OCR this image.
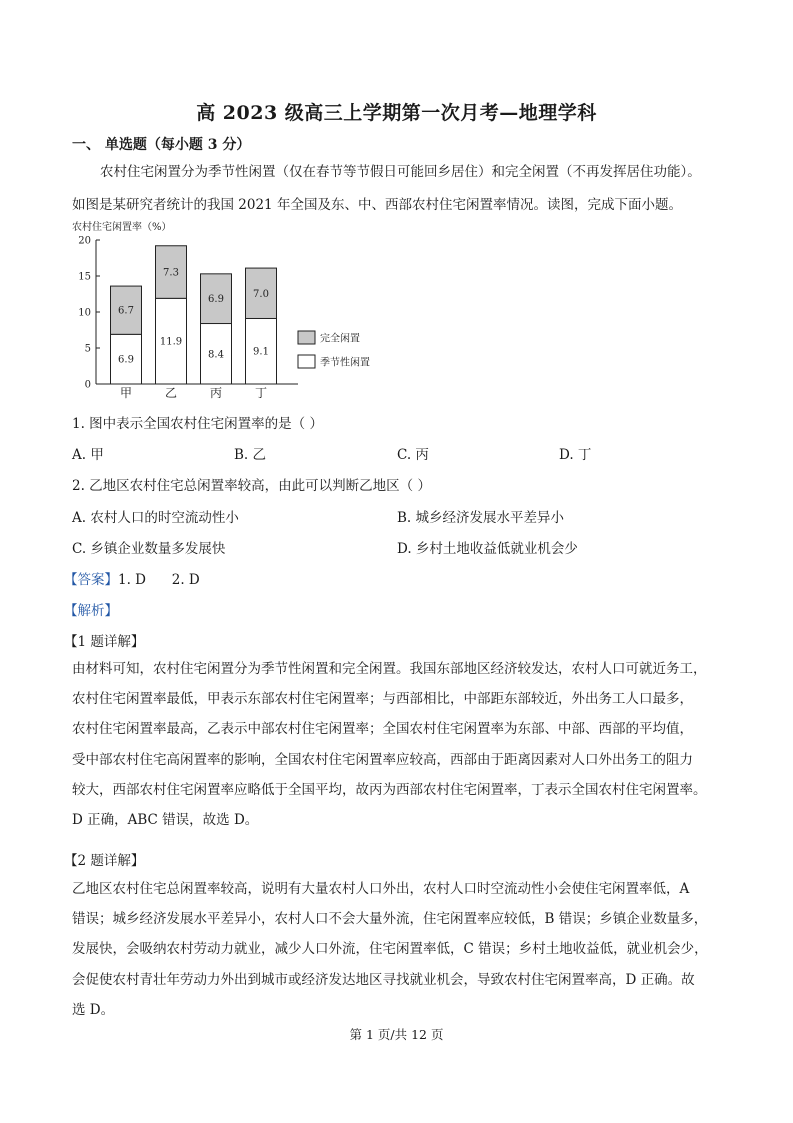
高 2023 级高三上学期第一次月考—地理学科
一、 单选题（每小题 3 分）
农村住宅闲置分为季节性闲置（仅在春节等节假日可能回乡居住）和完全闲置（不再发挥居住功能）。
如图是某研究者统计的我国 2021 年全国及东、中、西部农村住宅闲置率情况。读图，完成下面小题。
农村住宅闲置率（%）
0
5
10
15
20
6.9
6.7
甲
11.9
7.3
乙
8.4
6.9
丙
9.1
7.0
丁
完全闲置
季节性闲置
1. 图中表示全国农村住宅闲置率的是（ ）
A. 甲	B. 乙	C. 丙	D. 丁
2. 乙地区农村住宅总闲置率较高，由此可以判断乙地区（ ）
A. 农村人口的时空流动性小	B. 城乡经济发展水平差异小
C. 乡镇企业数量多发展快	D. 乡村土地收益低就业机会少
【答案】1. D      2. D
【解析】
【1 题详解】
由材料可知，农村住宅闲置分为季节性闲置和完全闲置。我国东部地区经济较发达，农村人口可就近务工，
农村住宅闲置率最低，甲表示东部农村住宅闲置率；与西部相比，中部距东部较近，外出务工人口最多，
农村住宅闲置率最高，乙表示中部农村住宅闲置率；全国农村住宅闲置率为东部、中部、西部的平均值，
受中部农村住宅高闲置率的影响，全国农村住宅闲置率应较高，西部由于距离因素对人口外出务工的阻力
较大，西部农村住宅闲置率应略低于全国平均，故丙为西部农村住宅闲置率，丁表示全国农村住宅闲置率。
D 正确，ABC 错误，故选 D。
【2 题详解】
乙地区农村住宅总闲置率较高，说明有大量农村人口外出，农村人口时空流动性小会使住宅闲置率低，A
错误；城乡经济发展水平差异小，农村人口不会大量外流，住宅闲置率应较低，B 错误；乡镇企业数量多，
发展快，会吸纳农村劳动力就业，减少人口外流，住宅闲置率低，C 错误；乡村土地收益低，就业机会少，
会促使农村青壮年劳动力外出到城市或经济发达地区寻找就业机会，导致农村住宅闲置率高，D 正确。故
选 D。
第 1 页/共 12 页
